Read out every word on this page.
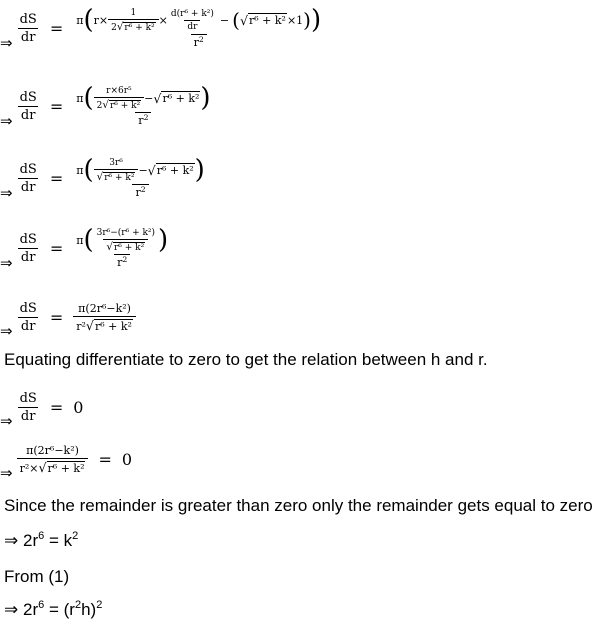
⇒ $\frac{dS}{dr} = \pi$ ( $r\times \frac{1}{\text{2√r⁶ + k²}} \times \frac{\text{d(r⁶ + k²)}}{dr}$ − ( √ r⁶ + k² ×1 ) )
$r^2$
⇒ $\frac{dS}{dr} = \pi$ ( $\frac{\text{r×6r⁵}}{\text{2√r⁶ + k²}}$ − √ r⁶ + k² )
$r^2$
⇒ $\frac{dS}{dr} = \pi$ ( $\frac{\text{3r⁶}}{\text{√r⁶ + k²}}$ − √ r⁶ + k² )
$r^2$
⇒ $\frac{dS}{dr} = \pi$ ( $\frac{\text{3r⁶−(r⁶ + k²)}}{\text{√r⁶ + k²}}$ )
$r^2$
⇒ $\frac{dS}{dr} = \frac{\text{π(2r⁶−k²)}}{\text{r²√r⁶ + k²}}$
Equating differentiate to zero to get the relation between h and r.
⇒ $\frac{dS}{dr} = 0$
⇒ $\frac{\text{π(2r⁶−k²)}}{\text{r²×√r⁶ + k²}} = 0$
Since the remainder is greater than zero only the remainder gets equal to zero
⇒ $2r^6 = k^2$
From (1)
⇒ $2r^6 = (r^2h)^2$
